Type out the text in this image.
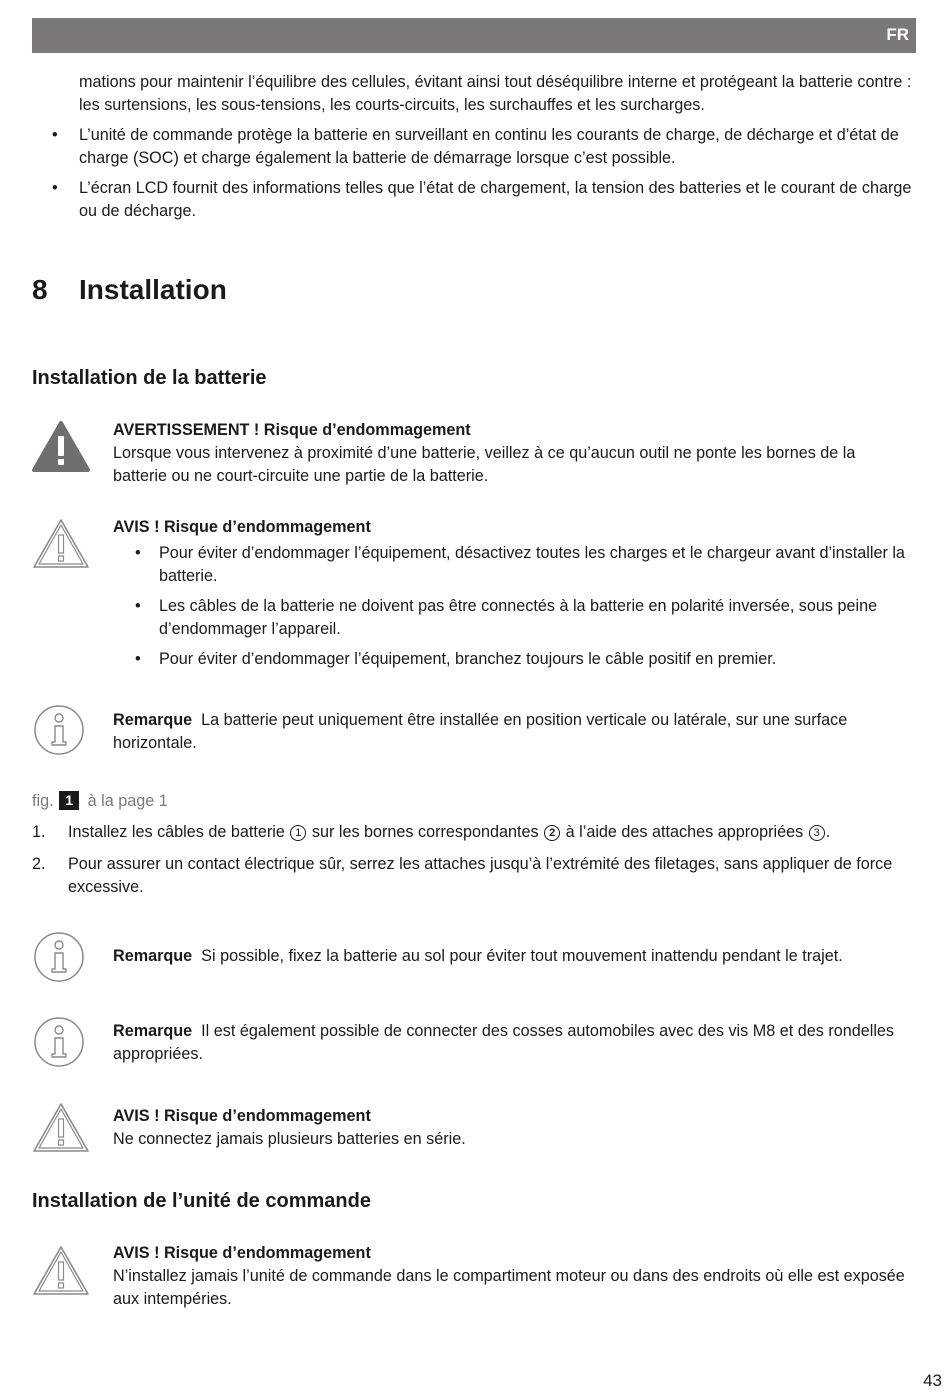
FR

mations pour maintenir l’équilibre des cellules, évitant ainsi tout déséquilibre interne et protégeant la batterie contre : les surtensions, les sous-tensions, les courts-circuits, les surchauffes et les surcharges.

• L’unité de commande protège la batterie en surveillant en continu les courants de charge, de décharge et d’état de charge (SOC) et charge également la batterie de démarrage lorsque c’est possible.
• L’écran LCD fournit des informations telles que l’état de chargement, la tension des batteries et le courant de charge ou de décharge.
8 Installation
Installation de la batterie
AVERTISSEMENT ! Risque d’endommagement
Lorsque vous intervenez à proximité d’une batterie, veillez à ce qu’aucun outil ne ponte les bornes de la batterie ou ne court-circuite une partie de la batterie.
AVIS ! Risque d’endommagement
• Pour éviter d’endommager l’équipement, désactivez toutes les charges et le chargeur avant d’installer la batterie.
• Les câbles de la batterie ne doivent pas être connectés à la batterie en polarité inversée, sous peine d’endommager l’appareil.
• Pour éviter d’endommager l’équipement, branchez toujours le câble positif en premier.

Remarque La batterie peut uniquement être installée en position verticale ou latérale, sur une surface horizontale.

fig. 1 à la page 1
1. Installez les câbles de batterie 1 sur les bornes correspondantes 2 à l’aide des attaches appropriées 3 .
2. Pour assurer un contact électrique sûr, serrez les attaches jusqu’à l’extrémité des filetages, sans appliquer de force excessive.

Remarque Si possible, fixez la batterie au sol pour éviter tout mouvement inattendu pendant le trajet.

Remarque Il est également possible de connecter des cosses automobiles avec des vis M8 et des rondelles appropriées.

AVIS ! Risque d’endommagement
Ne connectez jamais plusieurs batteries en série.
Installation de l’unité de commande
AVIS ! Risque d’endommagement
N’installez jamais l’unité de commande dans le compartiment moteur ou dans des endroits où elle est exposée aux intempéries.
43
